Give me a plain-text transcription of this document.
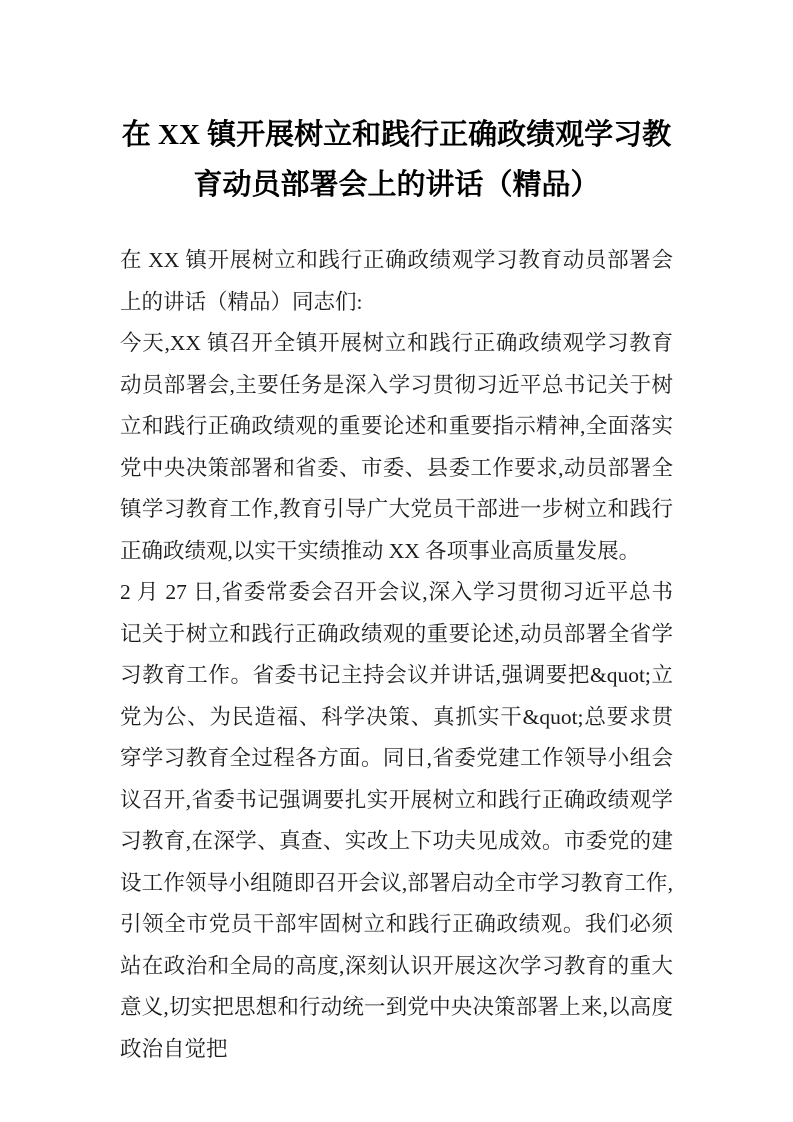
在 XX 镇开展树立和践行正确政绩观学习教育动员部署会上的讲话（精品）

在 XX 镇开展树立和践行正确政绩观学习教育动员部署会上的讲话（精品）同志们:

今天,XX 镇召开全镇开展树立和践行正确政绩观学习教育动员部署会,主要任务是深入学习贯彻习近平总书记关于树立和践行正确政绩观的重要论述和重要指示精神,全面落实党中央决策部署和省委、市委、县委工作要求,动员部署全镇学习教育工作,教育引导广大党员干部进一步树立和践行正确政绩观,以实干实绩推动 XX 各项事业高质量发展。

2 月 27 日,省委常委会召开会议,深入学习贯彻习近平总书记关于树立和践行正确政绩观的重要论述,动员部署全省学习教育工作。省委书记主持会议并讲话,强调要把&quot;立党为公、为民造福、科学决策、真抓实干&quot;总要求贯穿学习教育全过程各方面。同日,省委党建工作领导小组会议召开,省委书记强调要扎实开展树立和践行正确政绩观学习教育,在深学、真查、实改上下功夫见成效。市委党的建设工作领导小组随即召开会议,部署启动全市学习教育工作,引领全市党员干部牢固树立和践行正确政绩观。我们必须站在政治和全局的高度,深刻认识开展这次学习教育的重大意义,切实把思想和行动统一到党中央决策部署上来,以高度政治自觉把
